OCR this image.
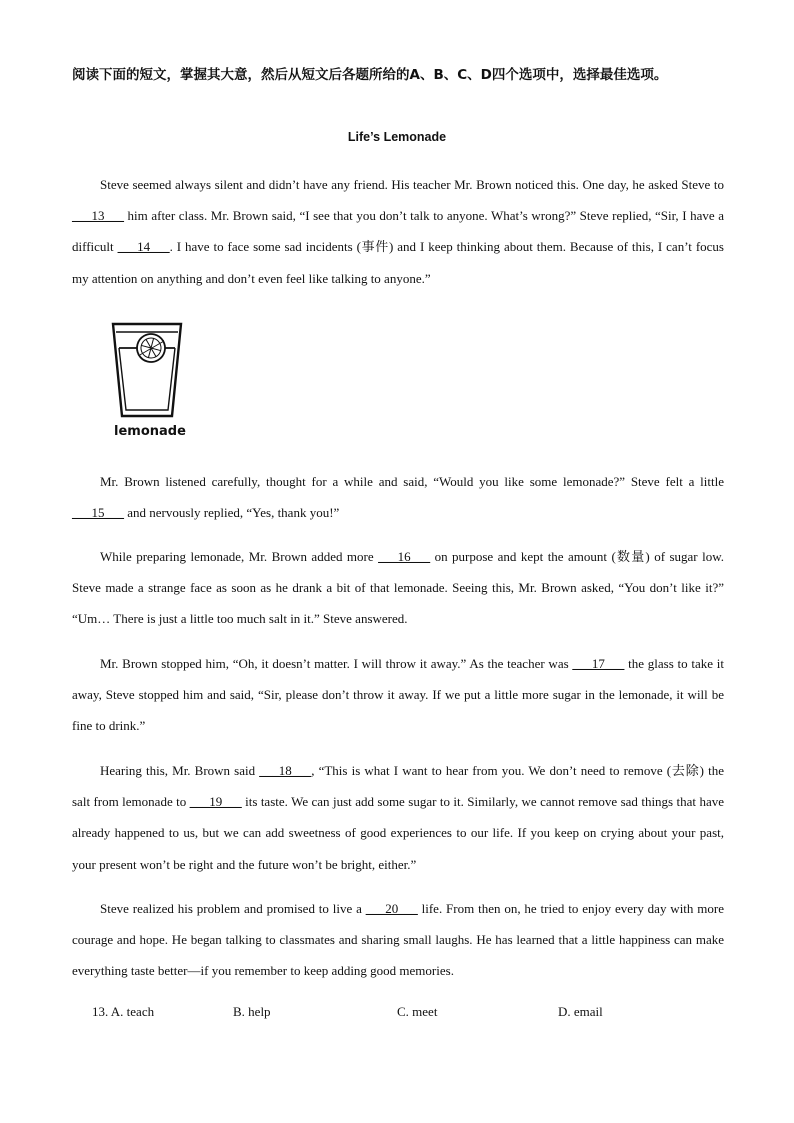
阅读下面的短文，掌握其大意，然后从短文后各题所给的A、B、C、D四个选项中，选择最佳选项。
Life’s Lemonade

Steve seemed always silent and didn’t have any friend. His teacher Mr. Brown noticed this. One day, he asked Steve to ___13___ him after class. Mr. Brown said, “I see that you don’t talk to anyone. What’s wrong?” Steve replied, “Sir, I have a difficult ___14___. I have to face some sad incidents (事件) and I keep thinking about them. Because of this, I can’t focus my attention on anything and don’t even feel like talking to anyone.”

lemonade

Mr. Brown listened carefully, thought for a while and said, “Would you like some lemonade?” Steve felt a little ___15___ and nervously replied, “Yes, thank you!”

While preparing lemonade, Mr. Brown added more ___16___ on purpose and kept the amount (数量) of sugar low. Steve made a strange face as soon as he drank a bit of that lemonade. Seeing this, Mr. Brown asked, “You don’t like it?” “Um… There is just a little too much salt in it.” Steve answered.

Mr. Brown stopped him, “Oh, it doesn’t matter. I will throw it away.” As the teacher was ___17___ the glass to take it away, Steve stopped him and said, “Sir, please don’t throw it away. If we put a little more sugar in the lemonade, it will be fine to drink.”

Hearing this, Mr. Brown said ___18___, “This is what I want to hear from you. We don’t need to remove (去除) the salt from lemonade to ___19___ its taste. We can just add some sugar to it. Similarly, we cannot remove sad things that have already happened to us, but we can add sweetness of good experiences to our life. If you keep on crying about your past, your present won’t be right and the future won’t be bright, either.”

Steve realized his problem and promised to live a ___20___ life. From then on, he tried to enjoy every day with more courage and hope. He began talking to classmates and sharing small laughs. He has learned that a little happiness can make everything taste better—if you remember to keep adding good memories.

13. A. teach	B. help	C. meet	D. email
